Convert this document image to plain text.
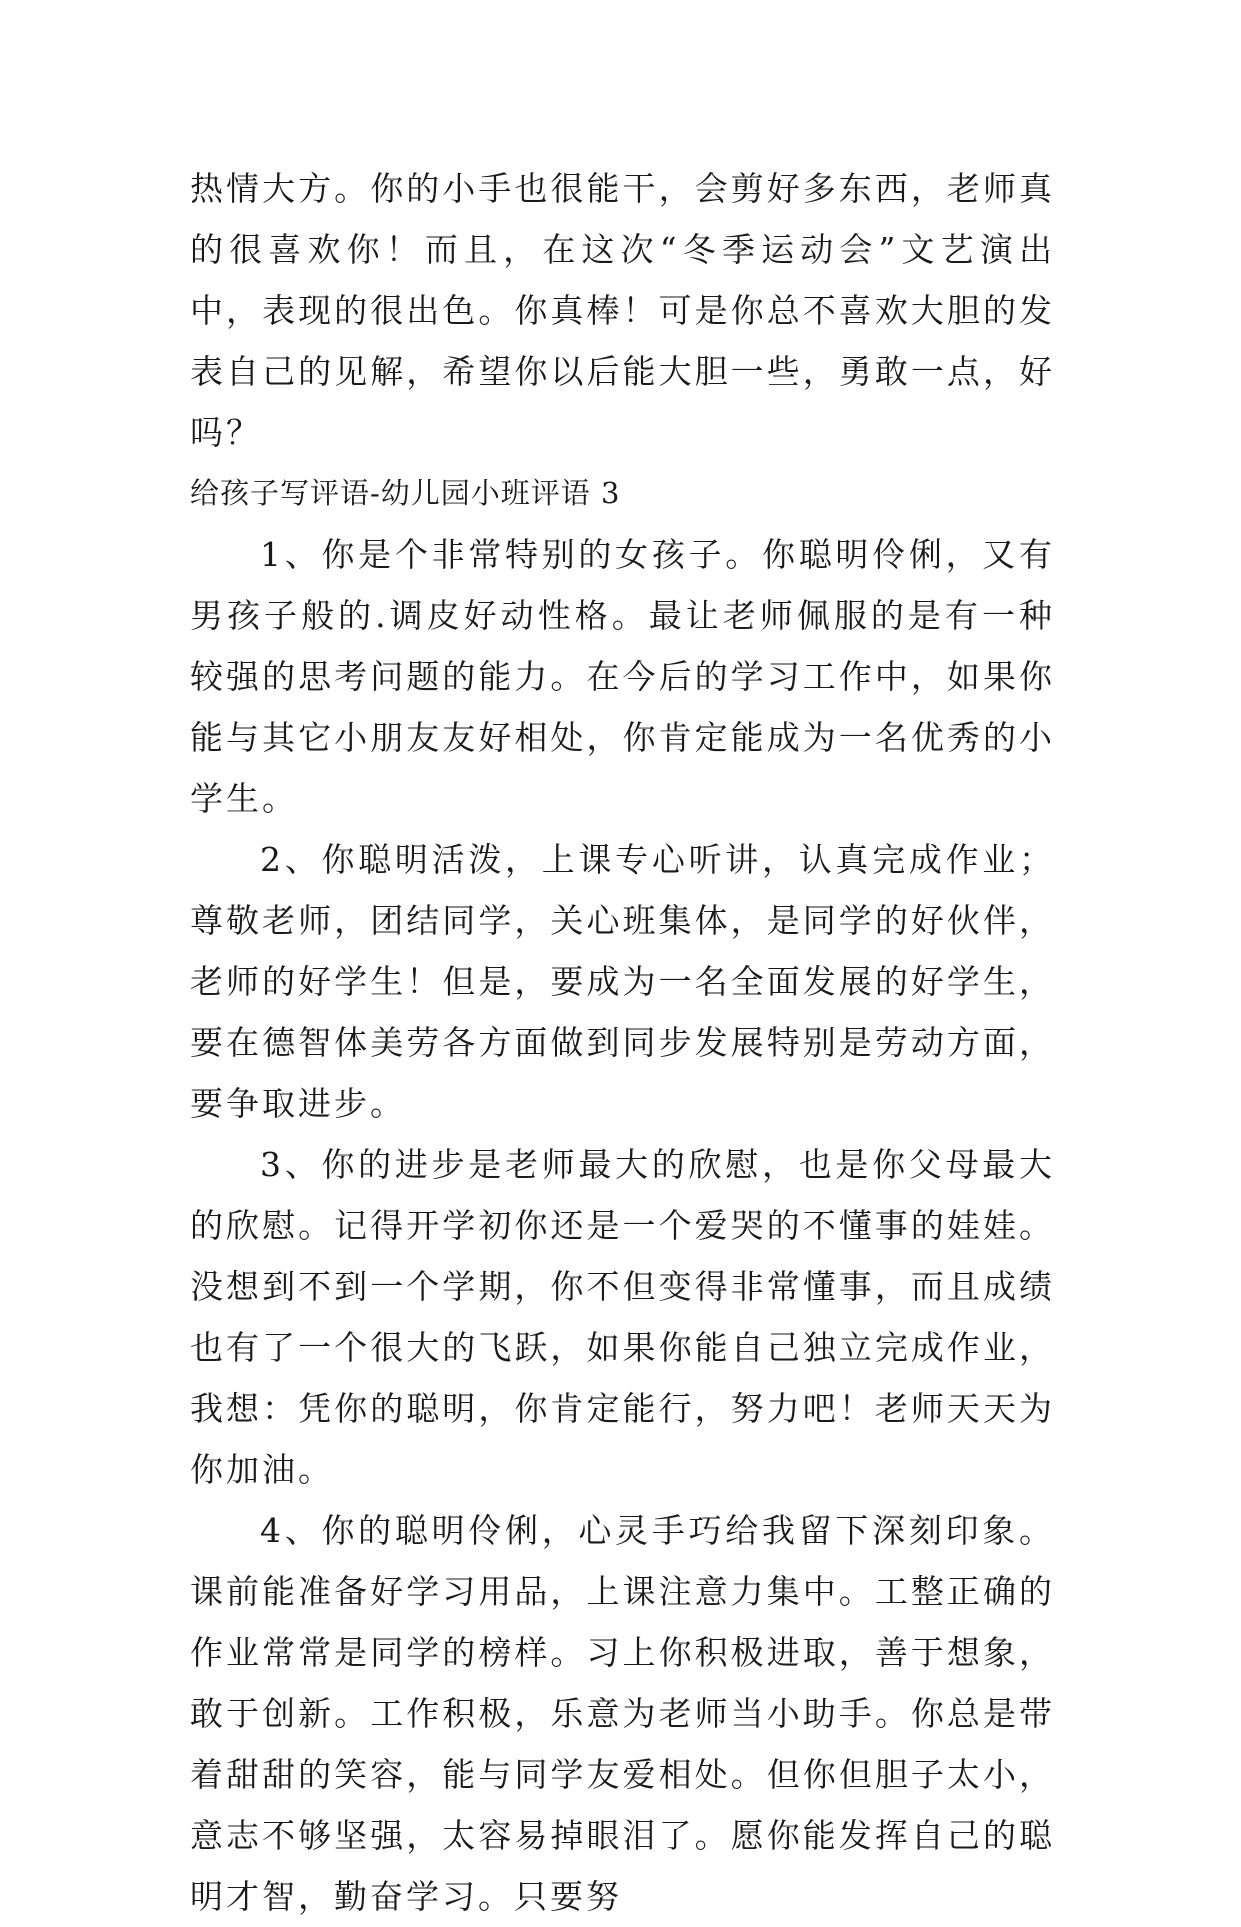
热情大方。你的小手也很能干，会剪好多东西，老师真的很喜欢你！而且，在这次“冬季运动会”文艺演出中，表现的很出色。你真棒！可是你总不喜欢大胆的发表自己的见解，希望你以后能大胆一些，勇敢一点，好吗？

给孩子写评语-幼儿园小班评语 3

1、你是个非常特别的女孩子。你聪明伶俐，又有男孩子般的.调皮好动性格。最让老师佩服的是有一种较强的思考问题的能力。在今后的学习工作中，如果你能与其它小朋友友好相处，你肯定能成为一名优秀的小学生。

2、你聪明活泼，上课专心听讲，认真完成作业；尊敬老师，团结同学，关心班集体，是同学的好伙伴，老师的好学生！但是，要成为一名全面发展的好学生，要在德智体美劳各方面做到同步发展特别是劳动方面，要争取进步。

3、你的进步是老师最大的欣慰，也是你父母最大的欣慰。记得开学初你还是一个爱哭的不懂事的娃娃。没想到不到一个学期，你不但变得非常懂事，而且成绩也有了一个很大的飞跃，如果你能自己独立完成作业，我想：凭你的聪明，你肯定能行，努力吧！老师天天为你加油。

4、你的聪明伶俐，心灵手巧给我留下深刻印象。课前能准备好学习用品，上课注意力集中。工整正确的作业常常是同学的榜样。习上你积极进取，善于想象，敢于创新。工作积极，乐意为老师当小助手。你总是带着甜甜的笑容，能与同学友爱相处。但你但胆子太小，意志不够坚强，太容易掉眼泪了。愿你能发挥自己的聪明才智，勤奋学习。只要努
